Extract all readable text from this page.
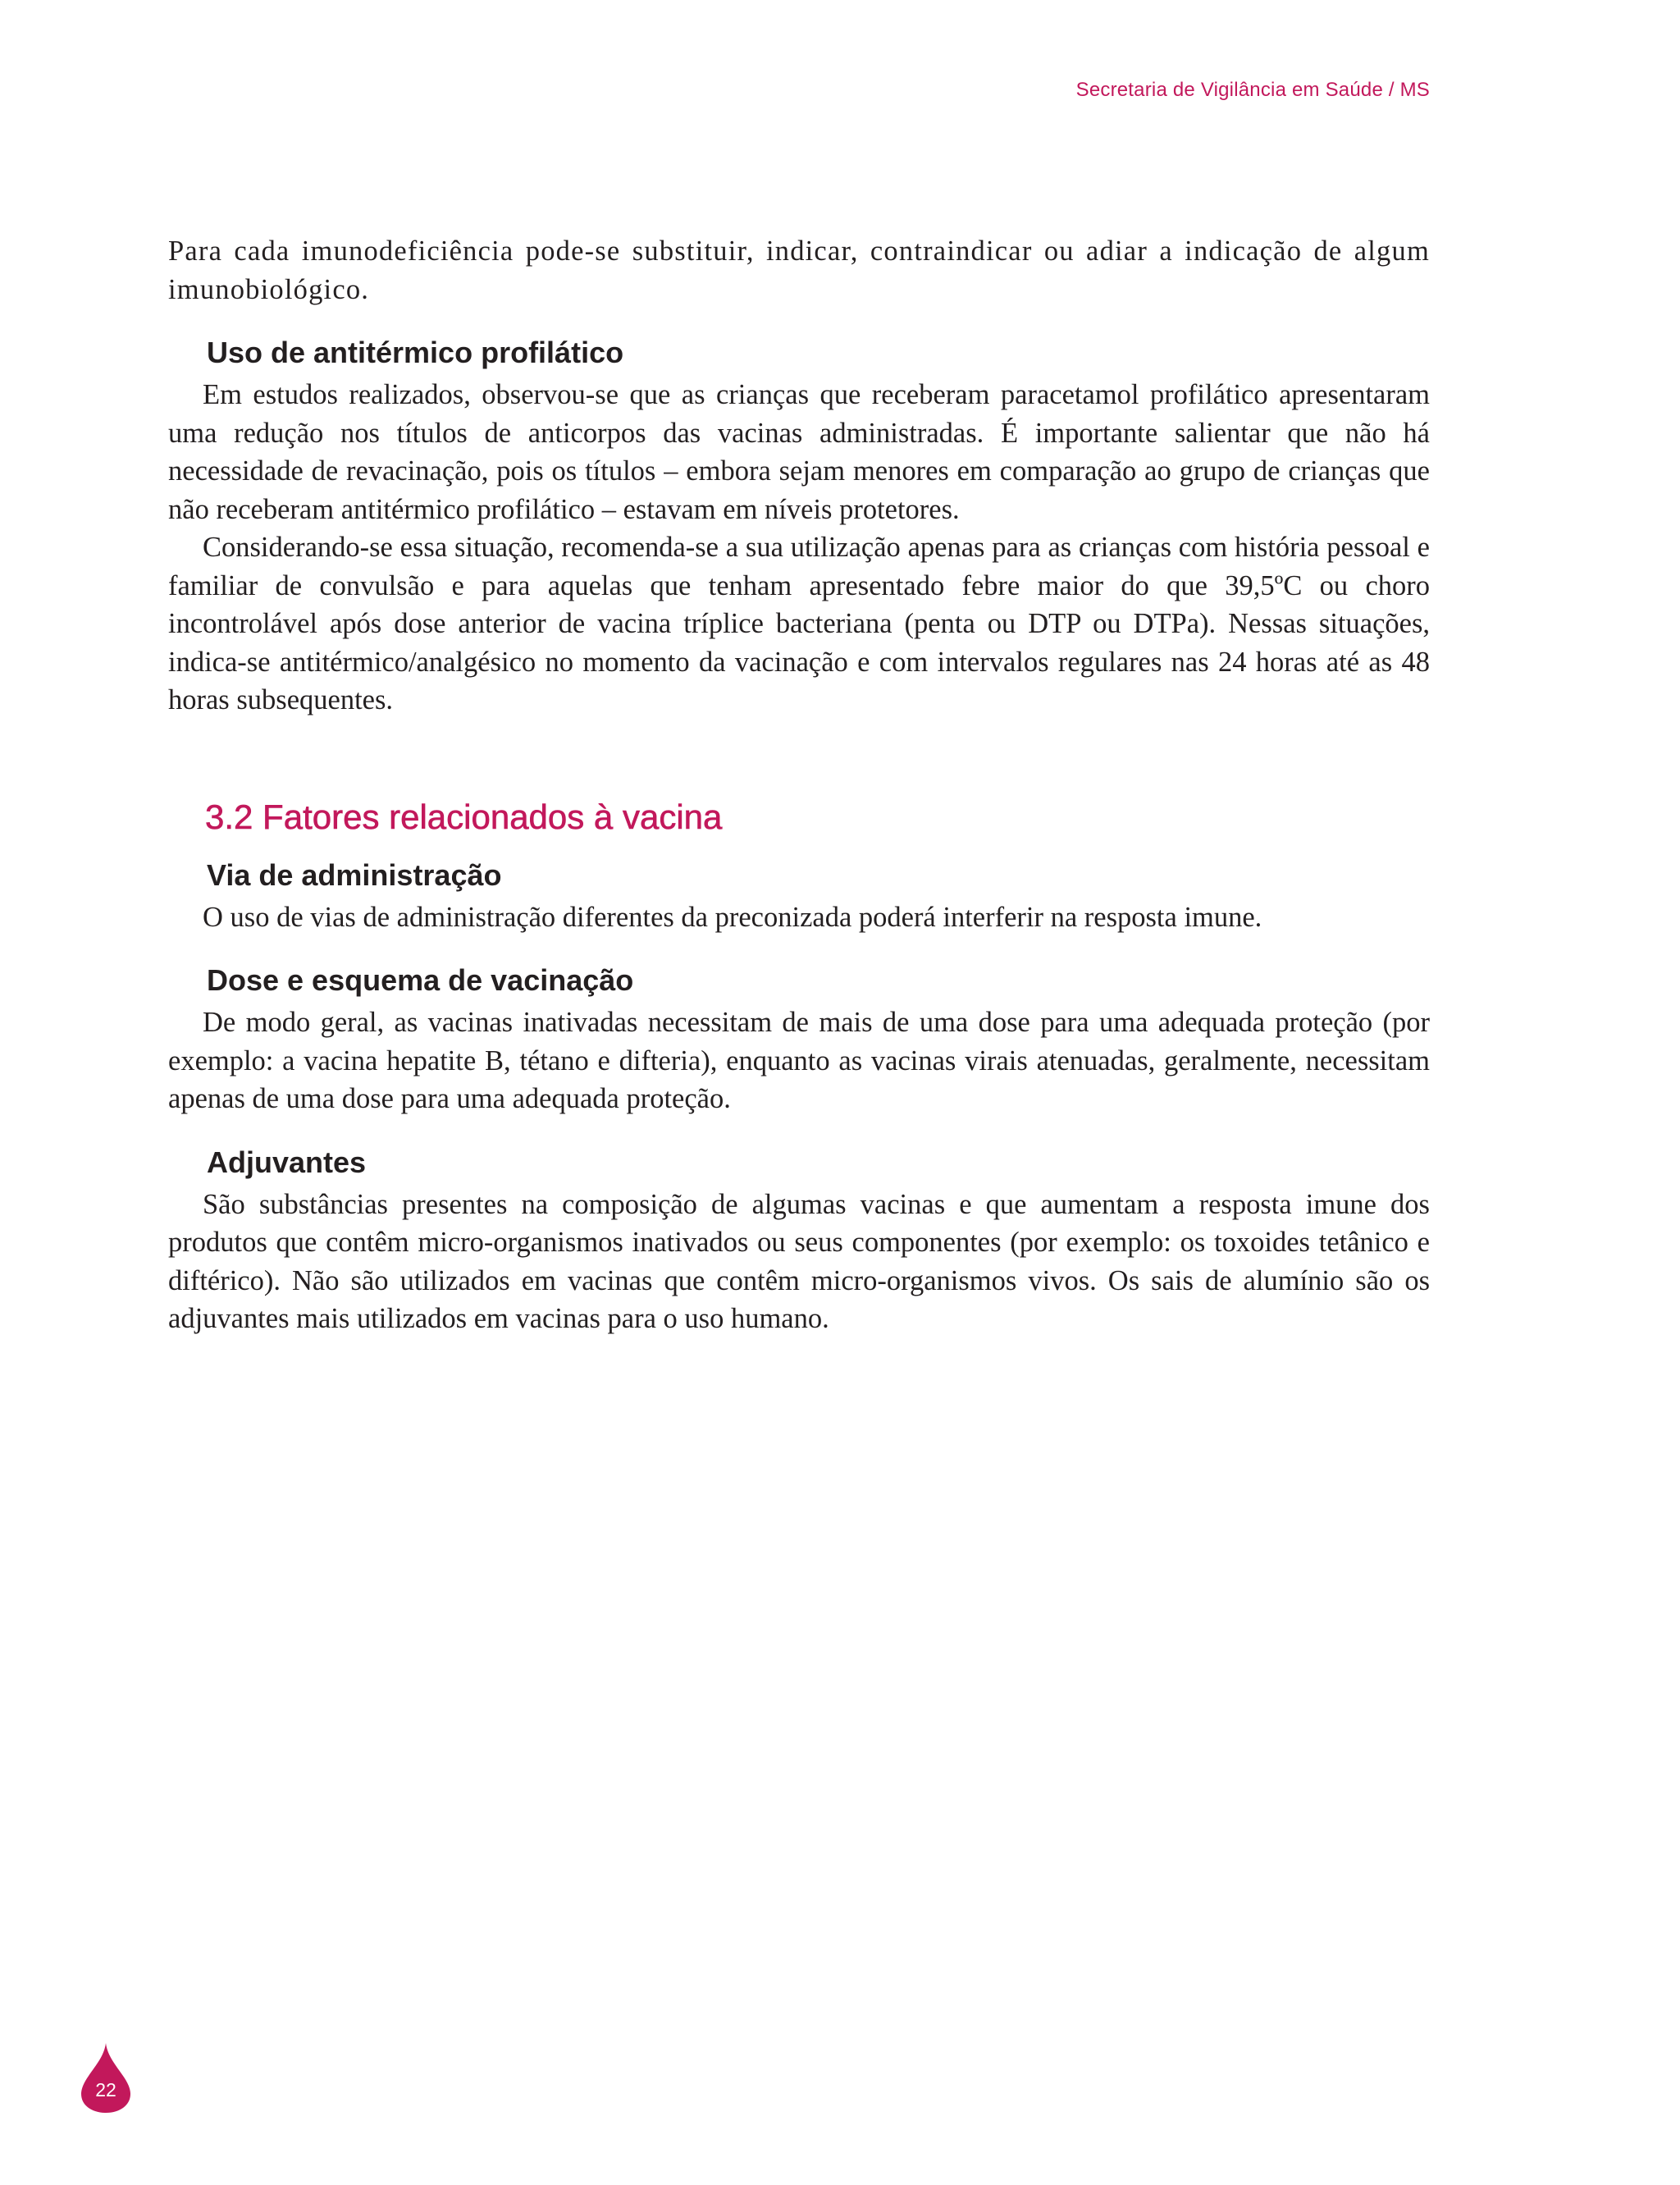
Secretaria de Vigilância em Saúde / MS

Para cada imunodeficiência pode-se substituir, indicar, contraindicar ou adiar a indicação de algum imunobiológico.

Uso de antitérmico profilático

Em estudos realizados, observou-se que as crianças que receberam paracetamol profilático apresentaram uma redução nos títulos de anticorpos das vacinas administradas. É importante salientar que não há necessidade de revacinação, pois os títulos – embora sejam menores em comparação ao grupo de crianças que não receberam antitérmico profilático – estavam em níveis protetores.

Considerando-se essa situação, recomenda-se a sua utilização apenas para as crianças com história pessoal e familiar de convulsão e para aquelas que tenham apresentado febre maior do que 39,5ºC ou choro incontrolável após dose anterior de vacina tríplice bacteriana (penta ou DTP ou DTPa). Nessas situações, indica-se antitérmico/analgésico no momento da vacinação e com intervalos regulares nas 24 horas até as 48 horas subsequentes.

3.2 Fatores relacionados à vacina
Via de administração

O uso de vias de administração diferentes da preconizada poderá interferir na resposta imune.

Dose e esquema de vacinação

De modo geral, as vacinas inativadas necessitam de mais de uma dose para uma adequada proteção (por exemplo: a vacina hepatite B, tétano e difteria), enquanto as vacinas virais atenuadas, geralmente, necessitam apenas de uma dose para uma adequada proteção.

Adjuvantes

São substâncias presentes na composição de algumas vacinas e que aumentam a resposta imune dos produtos que contêm micro-organismos inativados ou seus componentes (por exemplo: os toxoides tetânico e diftérico). Não são utilizados em vacinas que contêm micro-organismos vivos. Os sais de alumínio são os adjuvantes mais utilizados em vacinas para o uso humano.

22
